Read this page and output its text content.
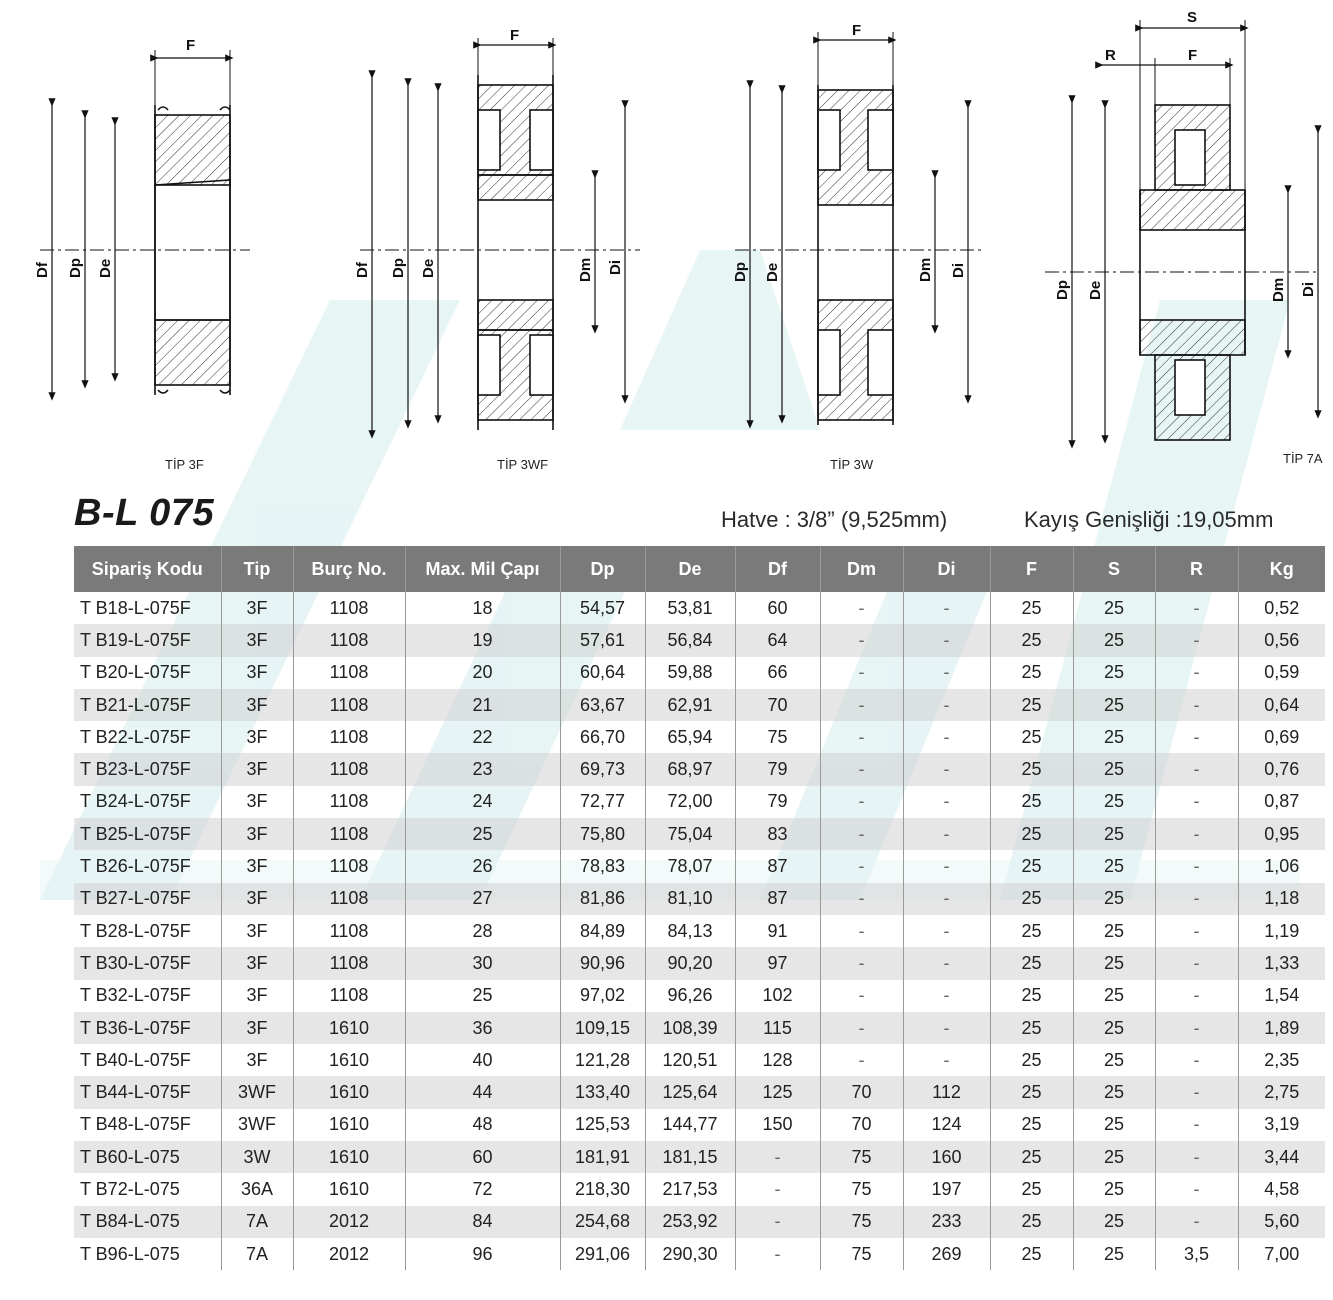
F
Df Dp De
F
Df Dp De	Dm Di
F
Dp De	Dm Di
S
R	F
Dp De	Dm Di
TİP 3F	TİP 3WF	TİP 3W	TİP 7A
B-L 075	Hatve : 3/8” (9,525mm)	Kayış Genişliği :19,05mm
Sipariş Kodu	Tip	Burç No.	Max. Mil Çapı	Dp	De	Df	Dm	Di	F	S	R	Kg
T B18-L-075F	3F	1108	18	54,57	53,81	60	-	-	25	25	-	0,52
T B19-L-075F	3F	1108	19	57,61	56,84	64	-	-	25	25	-	0,56
T B20-L-075F	3F	1108	20	60,64	59,88	66	-	-	25	25	-	0,59
T B21-L-075F	3F	1108	21	63,67	62,91	70	-	-	25	25	-	0,64
T B22-L-075F	3F	1108	22	66,70	65,94	75	-	-	25	25	-	0,69
T B23-L-075F	3F	1108	23	69,73	68,97	79	-	-	25	25	-	0,76
T B24-L-075F	3F	1108	24	72,77	72,00	79	-	-	25	25	-	0,87
T B25-L-075F	3F	1108	25	75,80	75,04	83	-	-	25	25	-	0,95
T B26-L-075F	3F	1108	26	78,83	78,07	87	-	-	25	25	-	1,06
T B27-L-075F	3F	1108	27	81,86	81,10	87	-	-	25	25	-	1,18
T B28-L-075F	3F	1108	28	84,89	84,13	91	-	-	25	25	-	1,19
T B30-L-075F	3F	1108	30	90,96	90,20	97	-	-	25	25	-	1,33
T B32-L-075F	3F	1108	25	97,02	96,26	102	-	-	25	25	-	1,54
T B36-L-075F	3F	1610	36	109,15	108,39	115	-	-	25	25	-	1,89
T B40-L-075F	3F	1610	40	121,28	120,51	128	-	-	25	25	-	2,35
T B44-L-075F	3WF	1610	44	133,40	125,64	125	70	112	25	25	-	2,75
T B48-L-075F	3WF	1610	48	125,53	144,77	150	70	124	25	25	-	3,19
T B60-L-075	3W	1610	60	181,91	181,15	-	75	160	25	25	-	3,44
T B72-L-075	36A	1610	72	218,30	217,53	-	75	197	25	25	-	4,58
T B84-L-075	7A	2012	84	254,68	253,92	-	75	233	25	25	-	5,60
T B96-L-075	7A	2012	96	291,06	290,30	-	75	269	25	25	3,5	7,00
